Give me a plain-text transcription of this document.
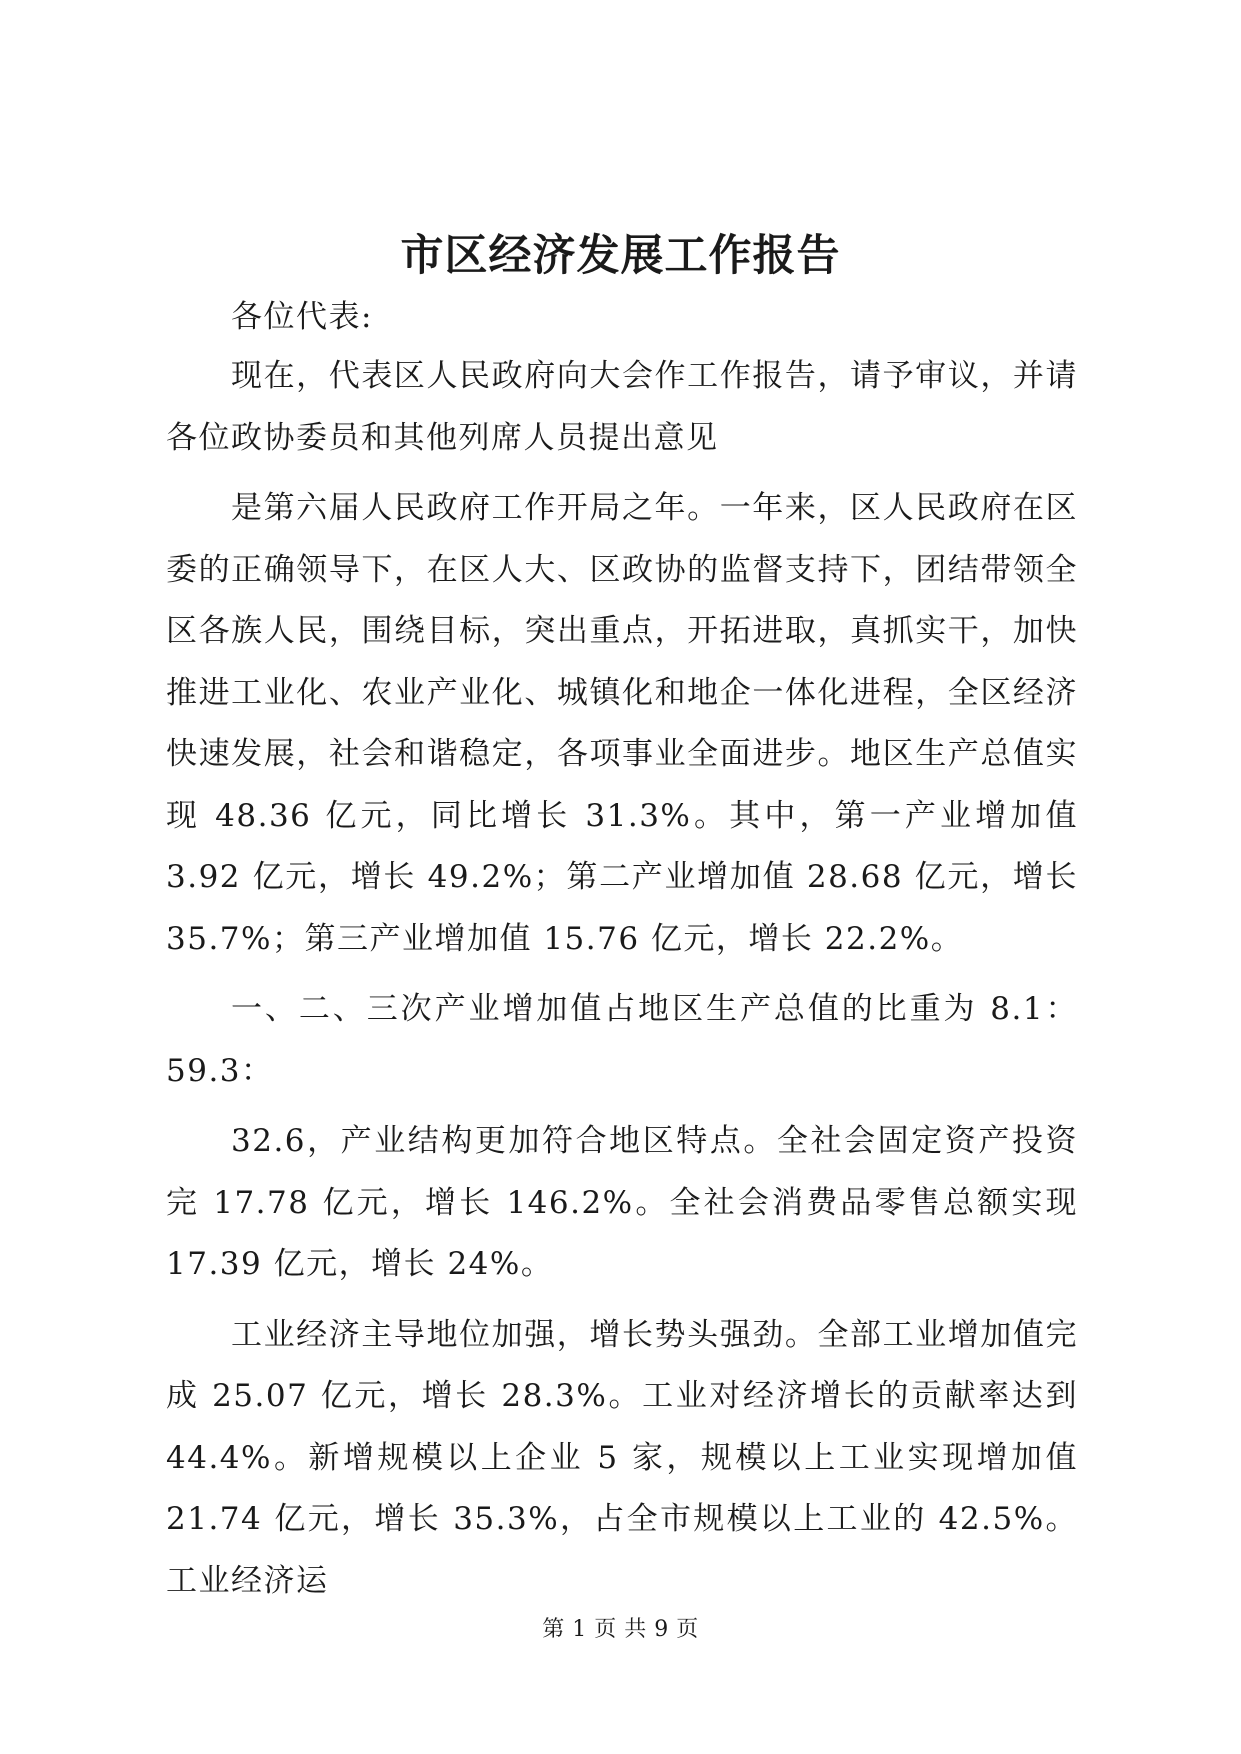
市区经济发展工作报告

各位代表:

现在，代表区人民政府向大会作工作报告，请予审议，并请各位政协委员和其他列席人员提出意见

是第六届人民政府工作开局之年。一年来，区人民政府在区委的正确领导下，在区人大、区政协的监督支持下，团结带领全区各族人民，围绕目标，突出重点，开拓进取，真抓实干，加快推进工业化、农业产业化、城镇化和地企一体化进程，全区经济快速发展，社会和谐稳定，各项事业全面进步。地区生产总值实现 48.36 亿元，同比增长 31.3%。其中，第一产业增加值 3.92 亿元，增长 49.2%；第二产业增加值 28.68 亿元，增长 35.7%；第三产业增加值 15.76 亿元，增长 22.2%。

一、二、三次产业增加值占地区生产总值的比重为 8.1：59.3：

32.6，产业结构更加符合地区特点。全社会固定资产投资完 17.78 亿元，增长 146.2%。全社会消费品零售总额实现 17.39 亿元，增长 24%。

工业经济主导地位加强，增长势头强劲。全部工业增加值完成 25.07 亿元，增长 28.3%。工业对经济增长的贡献率达到 44.4%。新增规模以上企业 5 家，规模以上工业实现增加值 21.74 亿元，增长 35.3%，占全市规模以上工业的 42.5%。工业经济运

第 1 页 共 9 页
